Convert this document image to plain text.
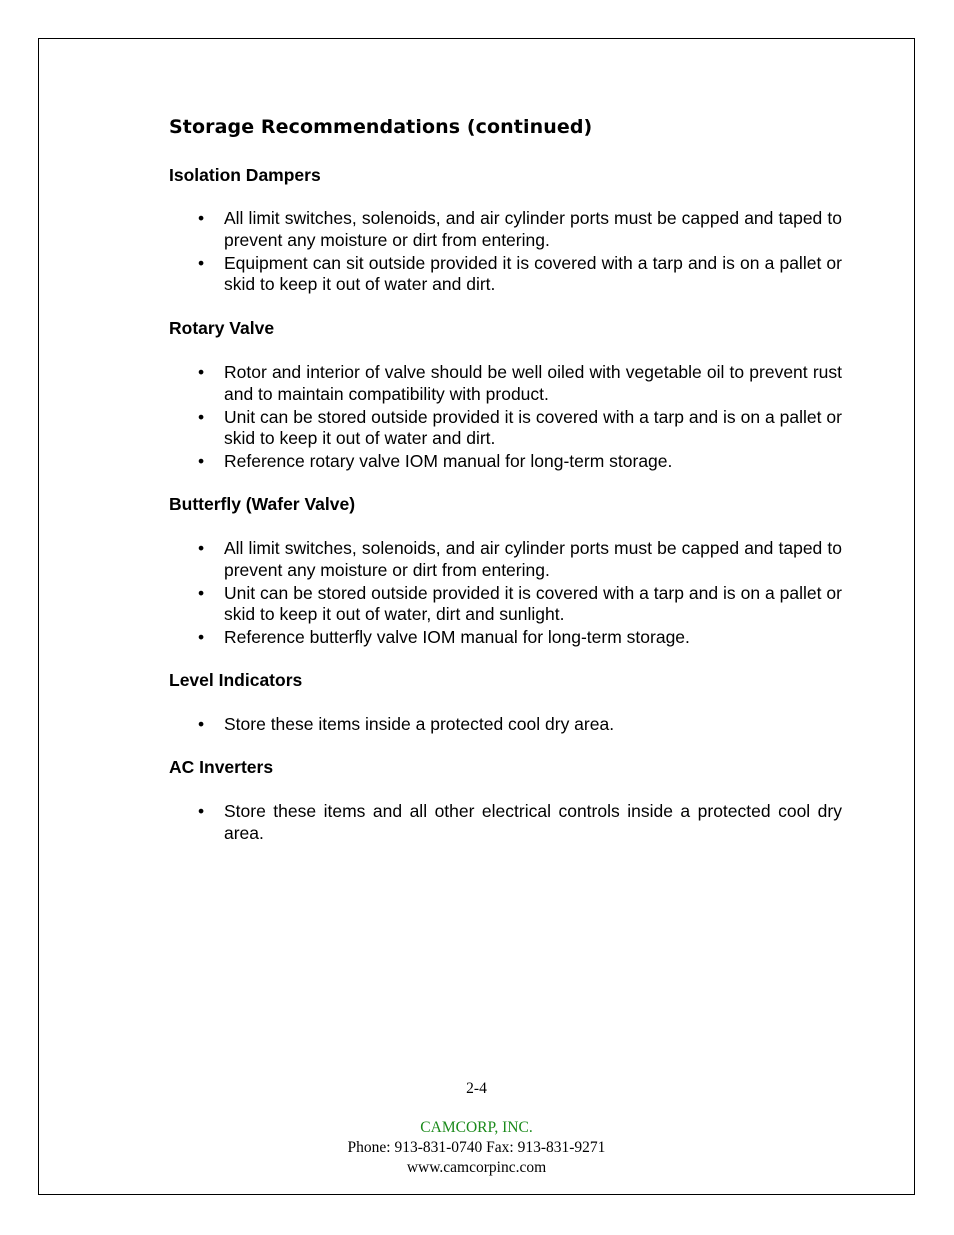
Storage Recommendations (continued)
Isolation Dampers
• All limit switches, solenoids, and air cylinder ports must be capped and taped to prevent any moisture or dirt from entering.
• Equipment can sit outside provided it is covered with a tarp and is on a pallet or skid to keep it out of water and dirt.
Rotary Valve
• Rotor and interior of valve should be well oiled with vegetable oil to prevent rust and to maintain compatibility with product.
• Unit can be stored outside provided it is covered with a tarp and is on a pallet or skid to keep it out of water and dirt.
• Reference rotary valve IOM manual for long-term storage.
Butterfly (Wafer Valve)
• All limit switches, solenoids, and air cylinder ports must be capped and taped to prevent any moisture or dirt from entering.
• Unit can be stored outside provided it is covered with a tarp and is on a pallet or skid to keep it out of water, dirt and sunlight.
• Reference butterfly valve IOM manual for long-term storage.
Level Indicators
• Store these items inside a protected cool dry area.
AC Inverters
• Store these items and all other electrical controls inside a protected cool dry area.
2-4
CAMCORP, INC.
Phone: 913-831-0740 Fax: 913-831-9271
www.camcorpinc.com
